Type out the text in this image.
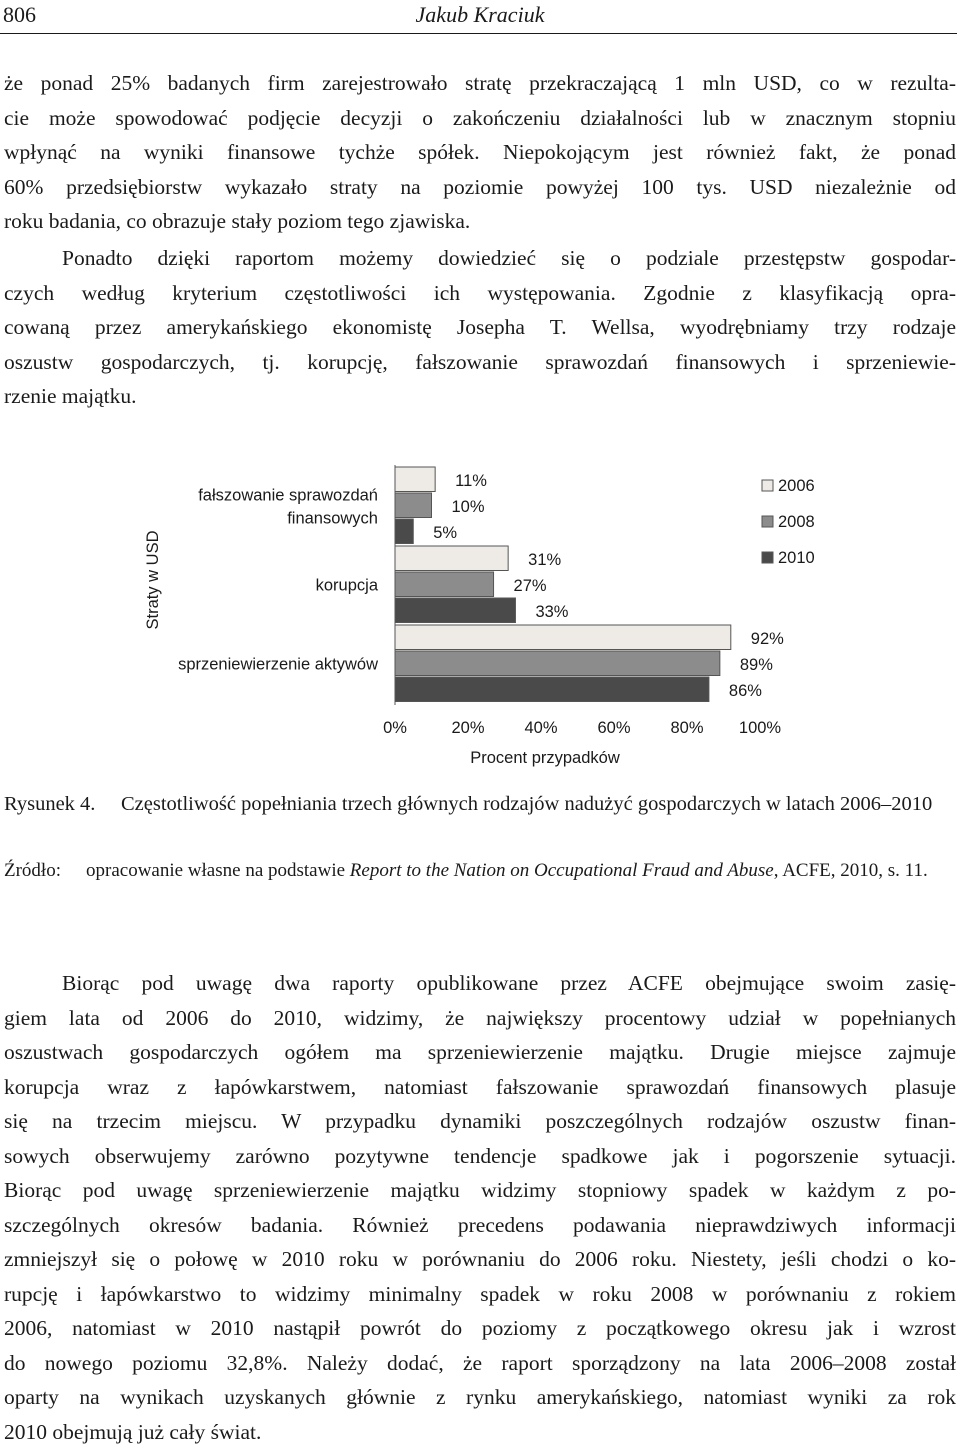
806	Jakub Kraciuk
że ponad 25% badanych firm zarejestrowało stratę przekraczającą 1 mln USD, co w rezulta-
cie może spowodować podjęcie decyzji o zakończeniu działalności lub w znacznym stopniu
wpłynąć na wyniki finansowe tychże spółek. Niepokojącym jest również fakt, że ponad
60% przedsiębiorstw wykazało straty na poziomie powyżej 100 tys. USD niezależnie od
roku badania, co obrazuje stały poziom tego zjawiska.
Ponadto dzięki raportom możemy dowiedzieć się o podziale przestępstw gospodar-
czych według kryterium częstotliwości ich występowania. Zgodnie z klasyfikacją opra-
cowaną przez amerykańskiego ekonomistę Josepha T. Wellsa, wyodrębniamy trzy rodzaje
oszustw gospodarczych, tj. korupcję, fałszowanie sprawozdań finansowych i sprzeniewie-
rzenie majątku.
11%
10%
5%
31%
27%
33%
92%
89%
86%
fałszowanie sprawozdań
finansowych
korupcja
sprzeniewierzenie aktywów
0%	20% 40% 60% 80% 100%
Procent przypadków
Straty w USD
2006
2008
2010
Rysunek 4. Częstotliwość popełniania trzech głównych rodzajów nadużyć gospodarczych w latach 2006–2010
Źródło: opracowanie własne na podstawie Report to the Nation on Occupational Fraud and Abuse, ACFE, 2010, s. 11.
Biorąc pod uwagę dwa raporty opublikowane przez ACFE obejmujące swoim zasię-
giem lata od 2006 do 2010, widzimy, że największy procentowy udział w popełnianych
oszustwach gospodarczych ogółem ma sprzeniewierzenie majątku. Drugie miejsce zajmuje
korupcja wraz z łapówkarstwem, natomiast fałszowanie sprawozdań finansowych plasuje
się na trzecim miejscu. W przypadku dynamiki poszczególnych rodzajów oszustw finan-
sowych obserwujemy zarówno pozytywne tendencje spadkowe jak i pogorszenie sytuacji.
Biorąc pod uwagę sprzeniewierzenie majątku widzimy stopniowy spadek w każdym z po-
szczególnych okresów badania. Również precedens podawania nieprawdziwych informacji
zmniejszył się o połowę w 2010 roku w porównaniu do 2006 roku. Niestety, jeśli chodzi o ko-
rupcję i łapówkarstwo to widzimy minimalny spadek w roku 2008 w porównaniu z rokiem
2006, natomiast w 2010 nastąpił powrót do poziomy z początkowego okresu jak i wzrost
do nowego poziomu 32,8%. Należy dodać, że raport sporządzony na lata 2006–2008 został
oparty na wynikach uzyskanych głównie z rynku amerykańskiego, natomiast wyniki za rok
2010 obejmują już cały świat.
